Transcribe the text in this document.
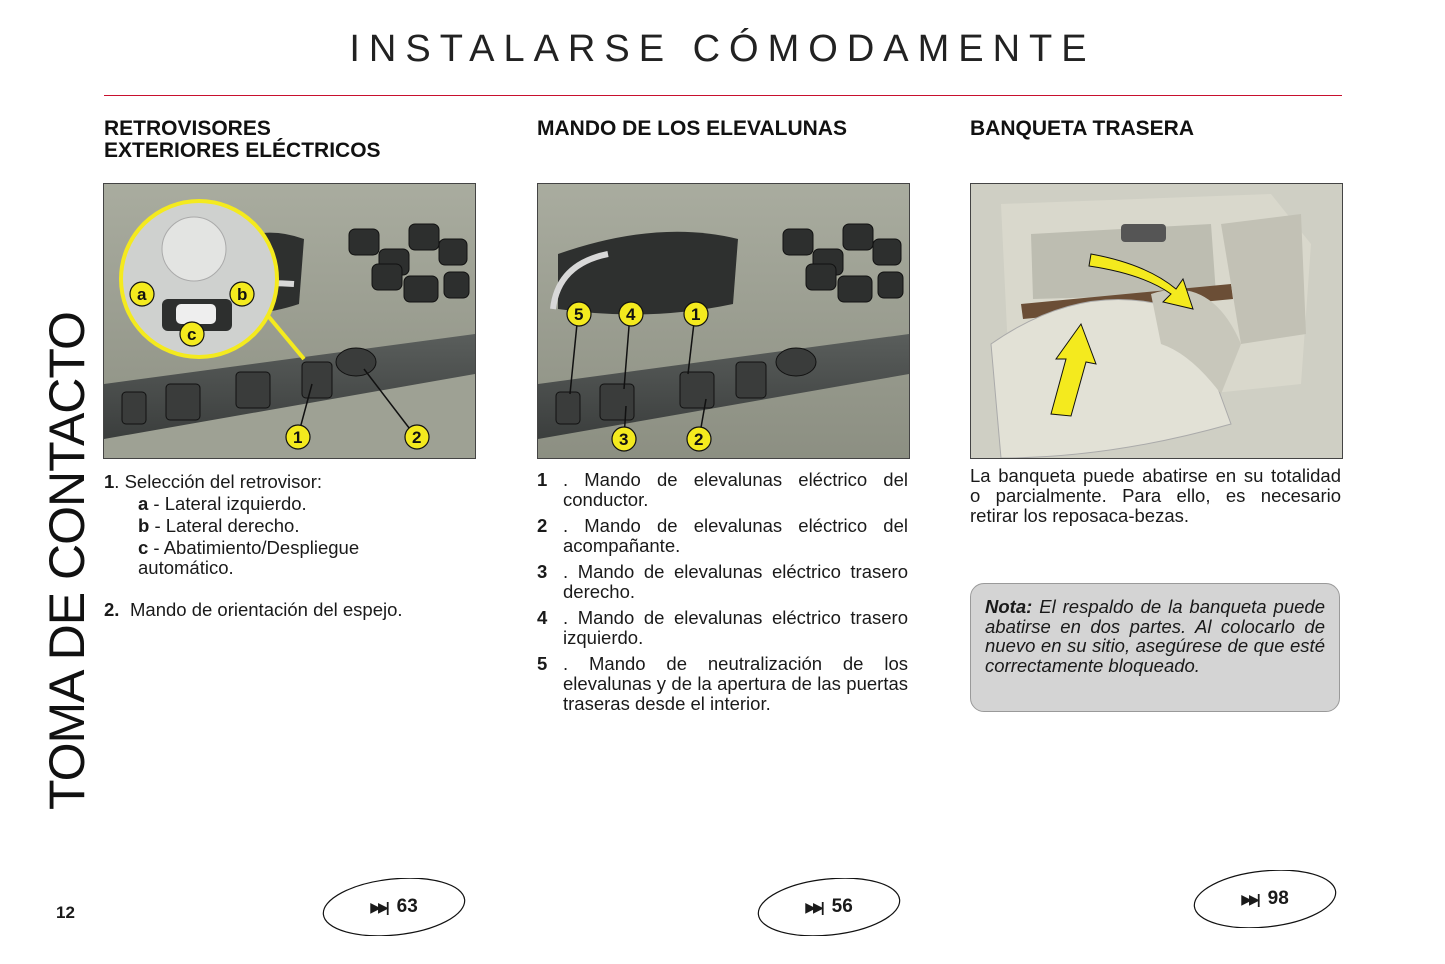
INSTALARSE CÓMODAMENTE
TOMA DE CONTACTO
RETROVISORES
EXTERIORES ELÉCTRICOS
MANDO DE LOS ELEVALUNAS	BANQUETA TRASERA
a	b
c
1	2
5	4	1
3	2
1. Selección del retrovisor:
a - Lateral izquierdo.
b - Lateral derecho.
c - Abatimiento/Despliegue automático.
2. Mando de orientación del espejo.
1 . Mando de elevalunas eléctrico del conductor.
2 . Mando de elevalunas eléctrico del acompañante.
3 . Mando de elevalunas eléctrico trasero derecho.
4 . Mando de elevalunas eléctrico trasero izquierdo.
5 . Mando de neutralización de los elevalunas y de la apertura de las puertas traseras desde el interior.
La banqueta puede abatirse en su totalidad o parcialmente. Para ello, es necesario retirar los reposaca-bezas.
Nota: El respaldo de la banqueta puede abatirse en dos partes. Al colocarlo de nuevo en su sitio, asegúrese de que esté correctamente bloqueado.
12	▶▶| 63	▶▶| 56	▶▶| 98
